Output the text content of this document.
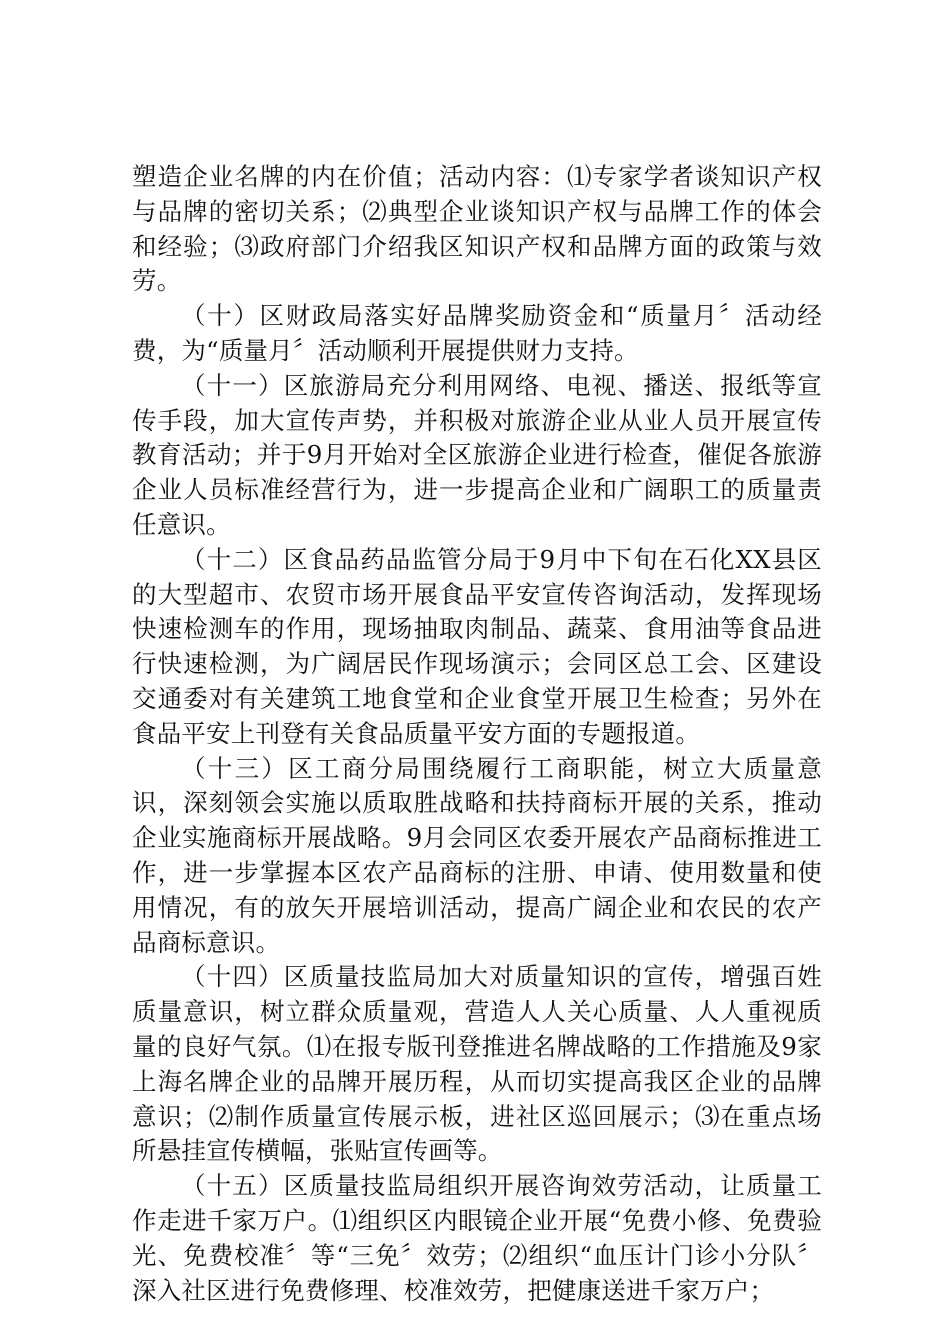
塑造企业名牌的内在价值；活动内容：⑴专家学者谈知识产权与品牌的密切关系；⑵典型企业谈知识产权与品牌工作的体会和经验；⑶政府部门介绍我区知识产权和品牌方面的政策与效劳。

（十）区财政局落实好品牌奖励资金和“质量月〞活动经费，为“质量月〞活动顺利开展提供财力支持。

（十一）区旅游局充分利用网络、电视、播送、报纸等宣传手段，加大宣传声势，并积极对旅游企业从业人员开展宣传教育活动；并于9月开始对全区旅游企业进行检查，催促各旅游企业人员标准经营行为，进一步提高企业和广阔职工的质量责任意识。

（十二）区食品药品监管分局于9月中下旬在石化XX县区的大型超市、农贸市场开展食品平安宣传咨询活动，发挥现场快速检测车的作用，现场抽取肉制品、蔬菜、食用油等食品进行快速检测，为广阔居民作现场演示；会同区总工会、区建设交通委对有关建筑工地食堂和企业食堂开展卫生检查；另外在食品平安上刊登有关食品质量平安方面的专题报道。

（十三）区工商分局围绕履行工商职能，树立大质量意识，深刻领会实施以质取胜战略和扶持商标开展的关系，推动企业实施商标开展战略。9月会同区农委开展农产品商标推进工作，进一步掌握本区农产品商标的注册、申请、使用数量和使用情况，有的放矢开展培训活动，提高广阔企业和农民的农产品商标意识。

（十四）区质量技监局加大对质量知识的宣传，增强百姓质量意识，树立群众质量观，营造人人关心质量、人人重视质量的良好气氛。⑴在报专版刊登推进名牌战略的工作措施及9家上海名牌企业的品牌开展历程，从而切实提高我区企业的品牌意识；⑵制作质量宣传展示板，进社区巡回展示；⑶在重点场所悬挂宣传横幅，张贴宣传画等。

（十五）区质量技监局组织开展咨询效劳活动，让质量工作走进千家万户。⑴组织区内眼镜企业开展“免费小修、免费验光、免费校准〞等“三免〞效劳；⑵组织“血压计门诊小分队〞深入社区进行免费修理、校准效劳，把健康送进千家万户；
